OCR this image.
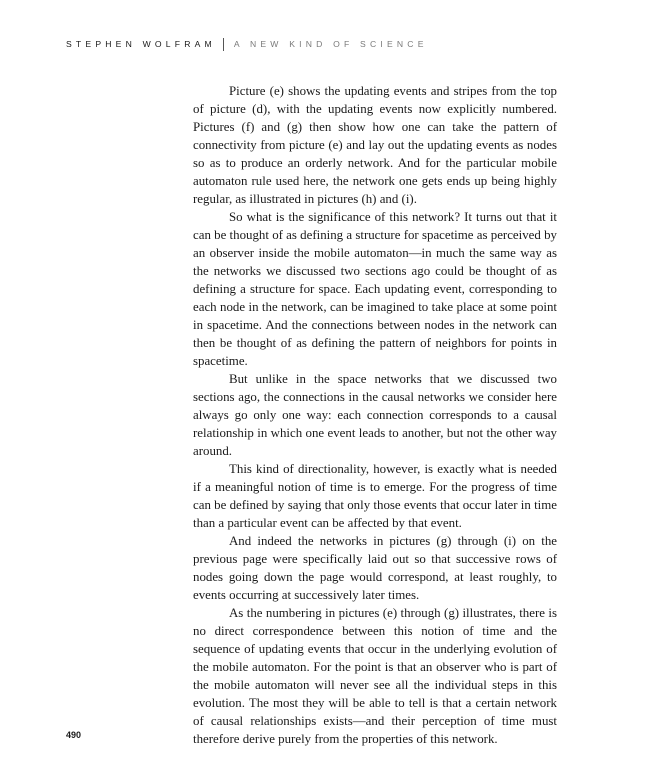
STEPHEN WOLFRAM A NEW KIND OF SCIENCE

Picture (e) shows the updating events and stripes from the top of picture (d), with the updating events now explicitly numbered. Pictures (f) and (g) then show how one can take the pattern of connectivity from picture (e) and lay out the updating events as nodes so as to produce an orderly network. And for the particular mobile automaton rule used here, the network one gets ends up being highly regular, as illustrated in pictures (h) and (i).

So what is the significance of this network? It turns out that it can be thought of as defining a structure for spacetime as perceived by an observer inside the mobile automaton—in much the same way as the networks we discussed two sections ago could be thought of as defining a structure for space. Each updating event, corresponding to each node in the network, can be imagined to take place at some point in spacetime. And the connections between nodes in the network can then be thought of as defining the pattern of neighbors for points in spacetime.

But unlike in the space networks that we discussed two sections ago, the connections in the causal networks we consider here always go only one way: each connection corresponds to a causal relationship in which one event leads to another, but not the other way around.

This kind of directionality, however, is exactly what is needed if a meaningful notion of time is to emerge. For the progress of time can be defined by saying that only those events that occur later in time than a particular event can be affected by that event.

And indeed the networks in pictures (g) through (i) on the previous page were specifically laid out so that successive rows of nodes going down the page would correspond, at least roughly, to events occurring at successively later times.

As the numbering in pictures (e) through (g) illustrates, there is no direct correspondence between this notion of time and the sequence of updating events that occur in the underlying evolution of the mobile automaton. For the point is that an observer who is part of the mobile automaton will never see all the individual steps in this evolution. The most they will be able to tell is that a certain network of causal relationships exists—and their perception of time must therefore derive purely from the properties of this network.

490
